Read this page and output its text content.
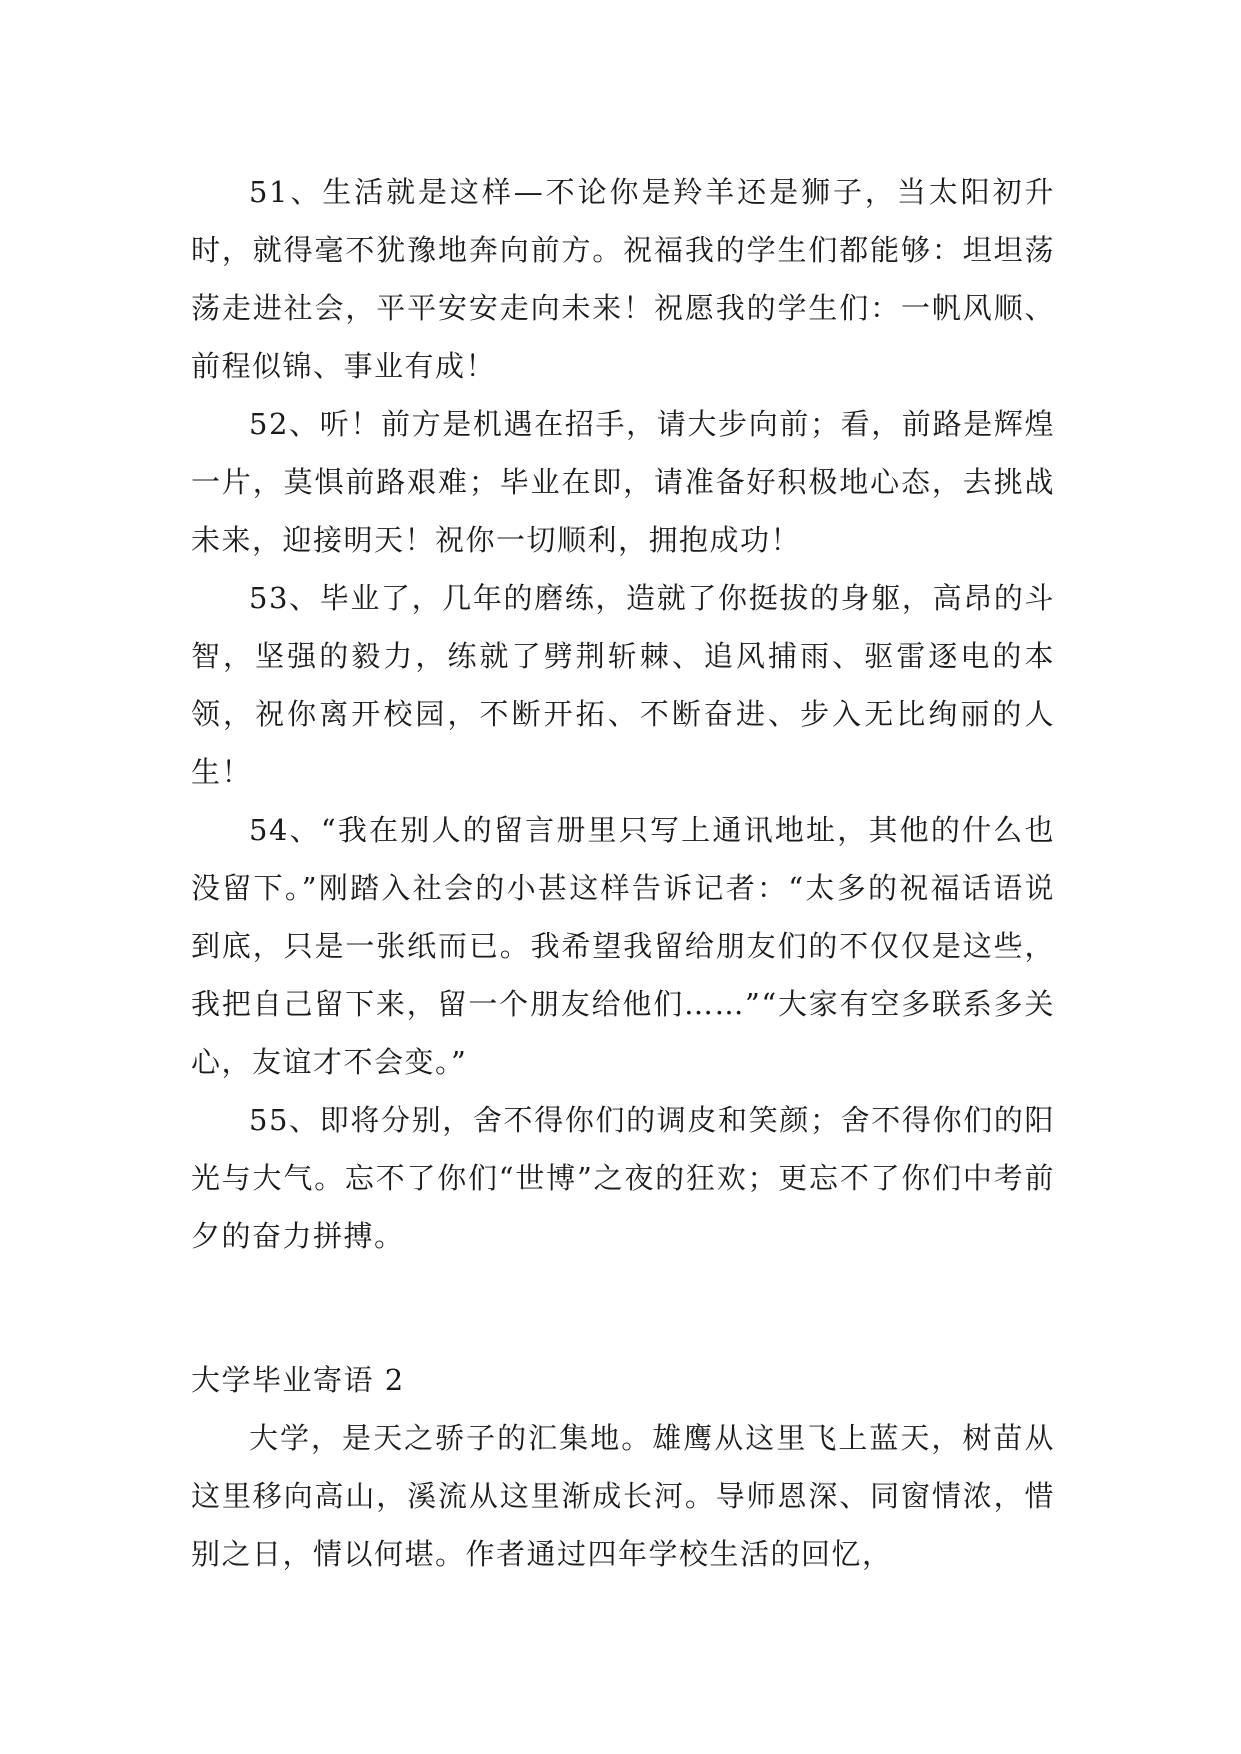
51、生活就是这样—不论你是羚羊还是狮子，当太阳初升时，就得毫不犹豫地奔向前方。祝福我的学生们都能够：坦坦荡荡走进社会，平平安安走向未来！祝愿我的学生们：一帆风顺、前程似锦、事业有成！

52、听！前方是机遇在招手，请大步向前；看，前路是辉煌一片，莫惧前路艰难；毕业在即，请准备好积极地心态，去挑战未来，迎接明天！祝你一切顺利，拥抱成功！

53、毕业了，几年的磨练，造就了你挺拔的身躯，高昂的斗智，坚强的毅力，练就了劈荆斩棘、追风捕雨、驱雷逐电的本领，祝你离开校园，不断开拓、不断奋进、步入无比绚丽的人生！

54、“我在别人的留言册里只写上通讯地址，其他的什么也没留下。”刚踏入社会的小甚这样告诉记者：“太多的祝福话语说到底，只是一张纸而已。我希望我留给朋友们的不仅仅是这些，我把自己留下来，留一个朋友给他们……”“大家有空多联系多关心，友谊才不会变。”

55、即将分别，舍不得你们的调皮和笑颜；舍不得你们的阳光与大气。忘不了你们“世博”之夜的狂欢；更忘不了你们中考前夕的奋力拼搏。

大学毕业寄语 2

大学，是天之骄子的汇集地。雄鹰从这里飞上蓝天，树苗从这里移向高山，溪流从这里渐成长河。导师恩深、同窗情浓，惜别之日，情以何堪。作者通过四年学校生活的回忆，
